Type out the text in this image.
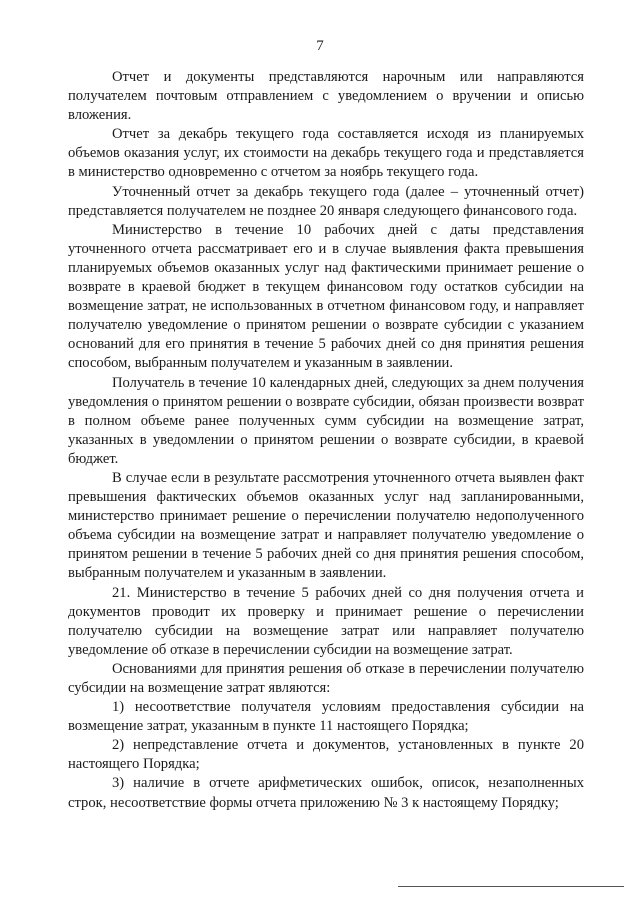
7

Отчет и документы представляются нарочным или направляются получателем почтовым отправлением с уведомлением о вручении и описью вложения.

Отчет за декабрь текущего года составляется исходя из планируемых объемов оказания услуг, их стоимости на декабрь текущего года и представляется в министерство одновременно с отчетом за ноябрь текущего года.

Уточненный отчет за декабрь текущего года (далее – уточненный отчет) представляется получателем не позднее 20 января следующего финансового года.

Министерство в течение 10 рабочих дней с даты представления уточненного отчета рассматривает его и в случае выявления факта превышения планируемых объемов оказанных услуг над фактическими принимает решение о возврате в краевой бюджет в текущем финансовом году остатков субсидии на возмещение затрат, не использованных в отчетном финансовом году, и направляет получателю уведомление о принятом решении о возврате субсидии с указанием оснований для его принятия в течение 5 рабочих дней со дня принятия решения способом, выбранным получателем и указанным в заявлении.

Получатель в течение 10 календарных дней, следующих за днем получения уведомления о принятом решении о возврате субсидии, обязан произвести возврат в полном объеме ранее полученных сумм субсидии на возмещение затрат, указанных в уведомлении о принятом решении о возврате субсидии, в краевой бюджет.

В случае если в результате рассмотрения уточненного отчета выявлен факт превышения фактических объемов оказанных услуг над запланированными, министерство принимает решение о перечислении получателю недополученного объема субсидии на возмещение затрат и направляет получателю уведомление о принятом решении в течение 5 рабочих дней со дня принятия решения способом, выбранным получателем и указанным в заявлении.

21. Министерство в течение 5 рабочих дней со дня получения отчета и документов проводит их проверку и принимает решение о перечислении получателю субсидии на возмещение затрат или направляет получателю уведомление об отказе в перечислении субсидии на возмещение затрат.

Основаниями для принятия решения об отказе в перечислении получателю субсидии на возмещение затрат являются:

1) несоответствие получателя условиям предоставления субсидии на возмещение затрат, указанным в пункте 11 настоящего Порядка;

2) непредставление отчета и документов, установленных в пункте 20 настоящего Порядка;

3) наличие в отчете арифметических ошибок, описок, незаполненных строк, несоответствие формы отчета приложению № 3 к настоящему Порядку;
